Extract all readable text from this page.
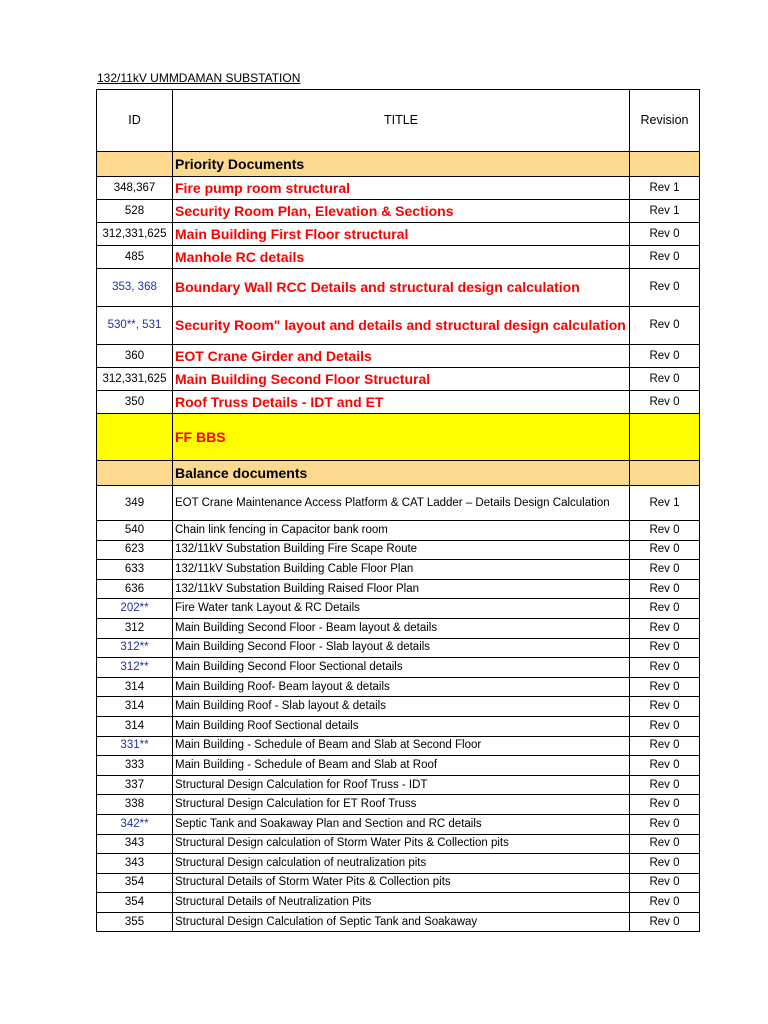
132/11kV UMMDAMAN SUBSTATION
ID	TITLE	Revision
	Priority Documents	
348,367	Fire pump room structural	Rev 1
528	Security Room Plan, Elevation & Sections	Rev 1
312,331,625	Main Building First Floor structural	Rev 0
485	Manhole RC details	Rev 0
353, 368	Boundary Wall RCC Details and structural design calculation	Rev 0
530**, 531	Security Room" layout and details and structural design calculation	Rev 0
360	EOT Crane Girder and Details	Rev 0
312,331,625	Main Building Second Floor Structural	Rev 0
350	Roof Truss Details - IDT and ET	Rev 0
	FF BBS	
	Balance documents	
349	EOT Crane Maintenance Access Platform & CAT Ladder – Details Design Calculation	Rev 1
540	Chain link fencing in Capacitor bank room	Rev 0
623	132/11kV Substation Building Fire Scape Route	Rev 0
633	132/11kV Substation Building Cable Floor Plan	Rev 0
636	132/11kV Substation Building Raised Floor Plan	Rev 0
202**	Fire Water tank Layout & RC Details	Rev 0
312	Main Building Second Floor - Beam layout & details	Rev 0
312**	Main Building Second Floor - Slab layout & details	Rev 0
312**	Main Building Second Floor Sectional details	Rev 0
314	Main Building Roof- Beam layout & details	Rev 0
314	Main Building Roof - Slab layout & details	Rev 0
314	Main Building Roof Sectional details	Rev 0
331**	Main Building - Schedule of Beam and Slab at Second Floor	Rev 0
333	Main Building - Schedule of Beam and Slab at Roof	Rev 0
337	Structural Design Calculation for Roof Truss - IDT	Rev 0
338	Structural Design Calculation for ET Roof Truss	Rev 0
342**	Septic Tank and Soakaway Plan and Section and RC details	Rev 0
343	Structural Design calculation of Storm Water Pits & Collection pits	Rev 0
343	Structural Design calculation of neutralization pits	Rev 0
354	Structural Details of Storm Water Pits & Collection pits	Rev 0
354	Structural Details of Neutralization Pits	Rev 0
355	Structural Design Calculation of Septic Tank and Soakaway	Rev 0
